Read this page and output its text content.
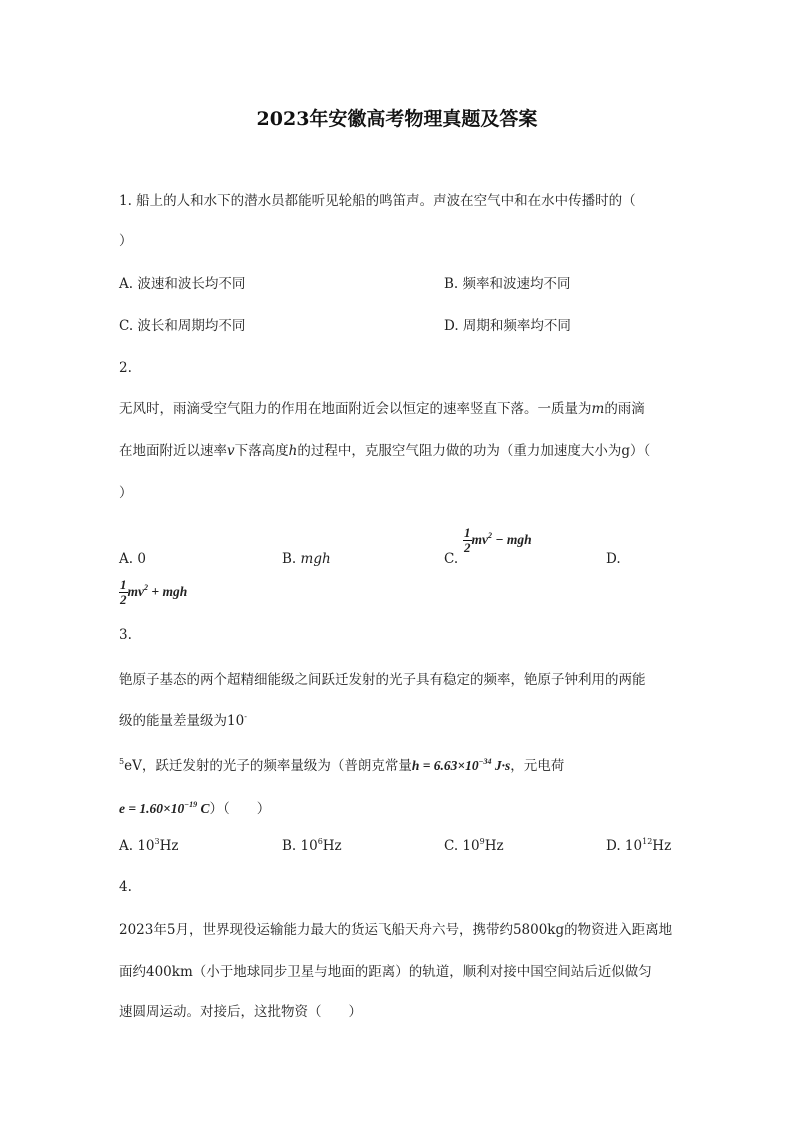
2023年安徽高考物理真题及答案
1. 船上的人和水下的潜水员都能听见轮船的鸣笛声。声波在空气中和在水中传播时的（
）
A. 波速和波长均不同	B. 频率和波速均不同
C. 波长和周期均不同	D. 周期和频率均不同
2.
无风时，雨滴受空气阻力的作用在地面附近会以恒定的速率竖直下落。一质量为m的雨滴
在地面附近以速率v下落高度h的过程中，克服空气阻力做的功为（重力加速度大小为g）（
）
A. 0	B. mgh	C.
$\frac{1}{2} mv^2$ − mgh
D.
$\frac{1}{2} mv^2$ + mgh
3.
铯原子基态的两个超精细能级之间跃迁发射的光子具有稳定的频率，铯原子钟利用的两能
级的能量差量级为10-
$^5$eV，跃迁发射的光子的频率量级为（普朗克常量$h = 6.63\times 10^{-34}$ J·s，元电荷
$e = 1.60\times 10^{-19}$ C）（　　）
A. $10^3Hz$	B. $10^6Hz$	C. $10^9Hz$	D. $10^{12}Hz$
4.
2023年5月，世界现役运输能力最大的货运飞船天舟六号，携带约5800kg的物资进入距离地
面约400km（小于地球同步卫星与地面的距离）的轨道，顺利对接中国空间站后近似做匀
速圆周运动。对接后，这批物资（　　）
